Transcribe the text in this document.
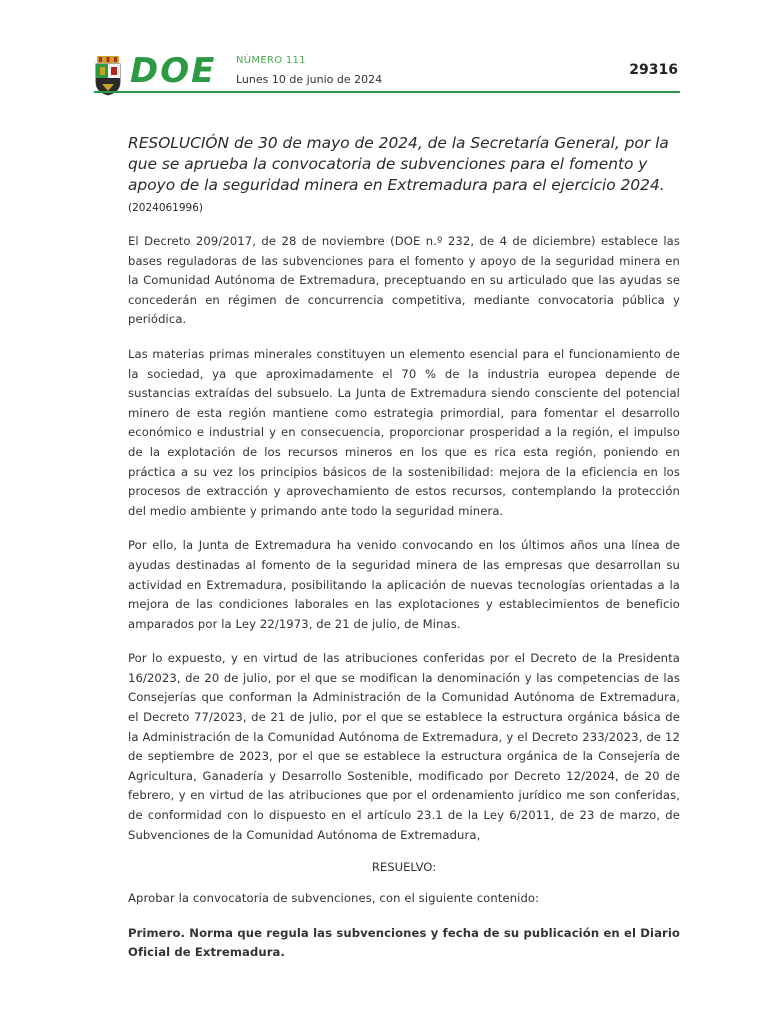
DOE NÚMERO 111
Lunes 10 de junio de 2024
29316

RESOLUCIÓN de 30 de mayo de 2024, de la Secretaría General, por la que se aprueba la convocatoria de subvenciones para el fomento y apoyo de la seguridad minera en Extremadura para el ejercicio 2024. (2024061996)

El Decreto 209/2017, de 28 de noviembre (DOE n.º 232, de 4 de diciembre) establece las bases reguladoras de las subvenciones para el fomento y apoyo de la seguridad minera en la Comunidad Autónoma de Extremadura, preceptuando en su articulado que las ayudas se concederán en régimen de concurrencia competitiva, mediante convocatoria pública y periódica.

Las materias primas minerales constituyen un elemento esencial para el funcionamiento de la sociedad, ya que aproximadamente el 70 % de la industria europea depende de sustancias extraídas del subsuelo. La Junta de Extremadura siendo consciente del potencial minero de esta región mantiene como estrategia primordial, para fomentar el desarrollo económico e industrial y en consecuencia, proporcionar prosperidad a la región, el impulso de la explotación de los recursos mineros en los que es rica esta región, poniendo en práctica a su vez los principios básicos de la sostenibilidad: mejora de la eficiencia en los procesos de extracción y aprovechamiento de estos recursos, contemplando la protección del medio ambiente y primando ante todo la seguridad minera.

Por ello, la Junta de Extremadura ha venido convocando en los últimos años una línea de ayudas destinadas al fomento de la seguridad minera de las empresas que desarrollan su actividad en Extremadura, posibilitando la aplicación de nuevas tecnologías orientadas a la mejora de las condiciones laborales en las explotaciones y establecimientos de beneficio amparados por la Ley 22/1973, de 21 de julio, de Minas.

Por lo expuesto, y en virtud de las atribuciones conferidas por el Decreto de la Presidenta 16/2023, de 20 de julio, por el que se modifican la denominación y las competencias de las Consejerías que conforman la Administración de la Comunidad Autónoma de Extremadura, el Decreto 77/2023, de 21 de julio, por el que se establece la estructura orgánica básica de la Administración de la Comunidad Autónoma de Extremadura, y el Decreto 233/2023, de 12 de septiembre de 2023, por el que se establece la estructura orgánica de la Consejería de Agricultura, Ganadería y Desarrollo Sostenible, modificado por Decreto 12/2024, de 20 de febrero, y en virtud de las atribuciones que por el ordenamiento jurídico me son conferidas, de conformidad con lo dispuesto en el artículo 23.1 de la Ley 6/2011, de 23 de marzo, de Subvenciones de la Comunidad Autónoma de Extremadura,

RESUELVO:

Aprobar la convocatoria de subvenciones, con el siguiente contenido:

Primero. Norma que regula las subvenciones y fecha de su publicación en el Diario Oficial de Extremadura.
